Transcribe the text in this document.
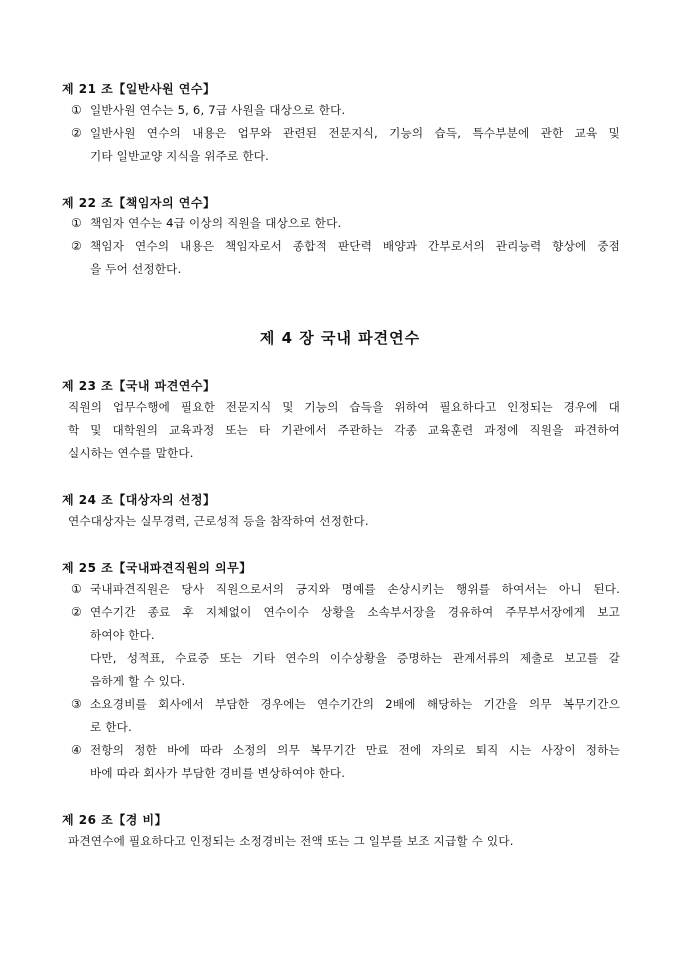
제 21 조【일반사원 연수】
① 일반사원 연수는 5, 6, 7급 사원을 대상으로 한다.
② 일반사원 연수의 내용은 업무와 관련된 전문지식, 기능의 습득, 특수부분에 관한 교육 및
기타 일반교양 지식을 위주로 한다.
제 22 조【책임자의 연수】
① 책임자 연수는 4급 이상의 직원을 대상으로 한다.
② 책임자 연수의 내용은 책임자로서 종합적 판단력 배양과 간부로서의 관리능력 향상에 중점
을 두어 선정한다.
제 4 장 국내 파견연수
제 23 조【국내 파견연수】
직원의 업무수행에 필요한 전문지식 및 기능의 습득을 위하여 필요하다고 인정되는 경우에 대
학 및 대학원의 교육과정 또는 타 기관에서 주관하는 각종 교육훈련 과정에 직원을 파견하여
실시하는 연수를 말한다.
제 24 조【대상자의 선정】
연수대상자는 실무경력, 근로성적 등을 참작하여 선정한다.
제 25 조【국내파견직원의 의무】
① 국내파견직원은 당사 직원으로서의 긍지와 명예를 손상시키는 행위를 하여서는 아니 된다.
② 연수기간 종료 후 지체없이 연수이수 상황을 소속부서장을 경유하여 주무부서장에게 보고
하여야 한다.
다만, 성적표, 수료증 또는 기타 연수의 이수상황을 증명하는 관계서류의 제출로 보고를 갈
음하게 할 수 있다.
③ 소요경비를 회사에서 부담한 경우에는 연수기간의 2배에 해당하는 기간을 의무 복무기간으
로 한다.
④ 전항의 정한 바에 따라 소정의 의무 복무기간 만료 전에 자의로 퇴직 시는 사장이 정하는
바에 따라 회사가 부담한 경비를 변상하여야 한다.
제 26 조【경 비】
파견연수에 필요하다고 인정되는 소정경비는 전액 또는 그 일부를 보조 지급할 수 있다.
